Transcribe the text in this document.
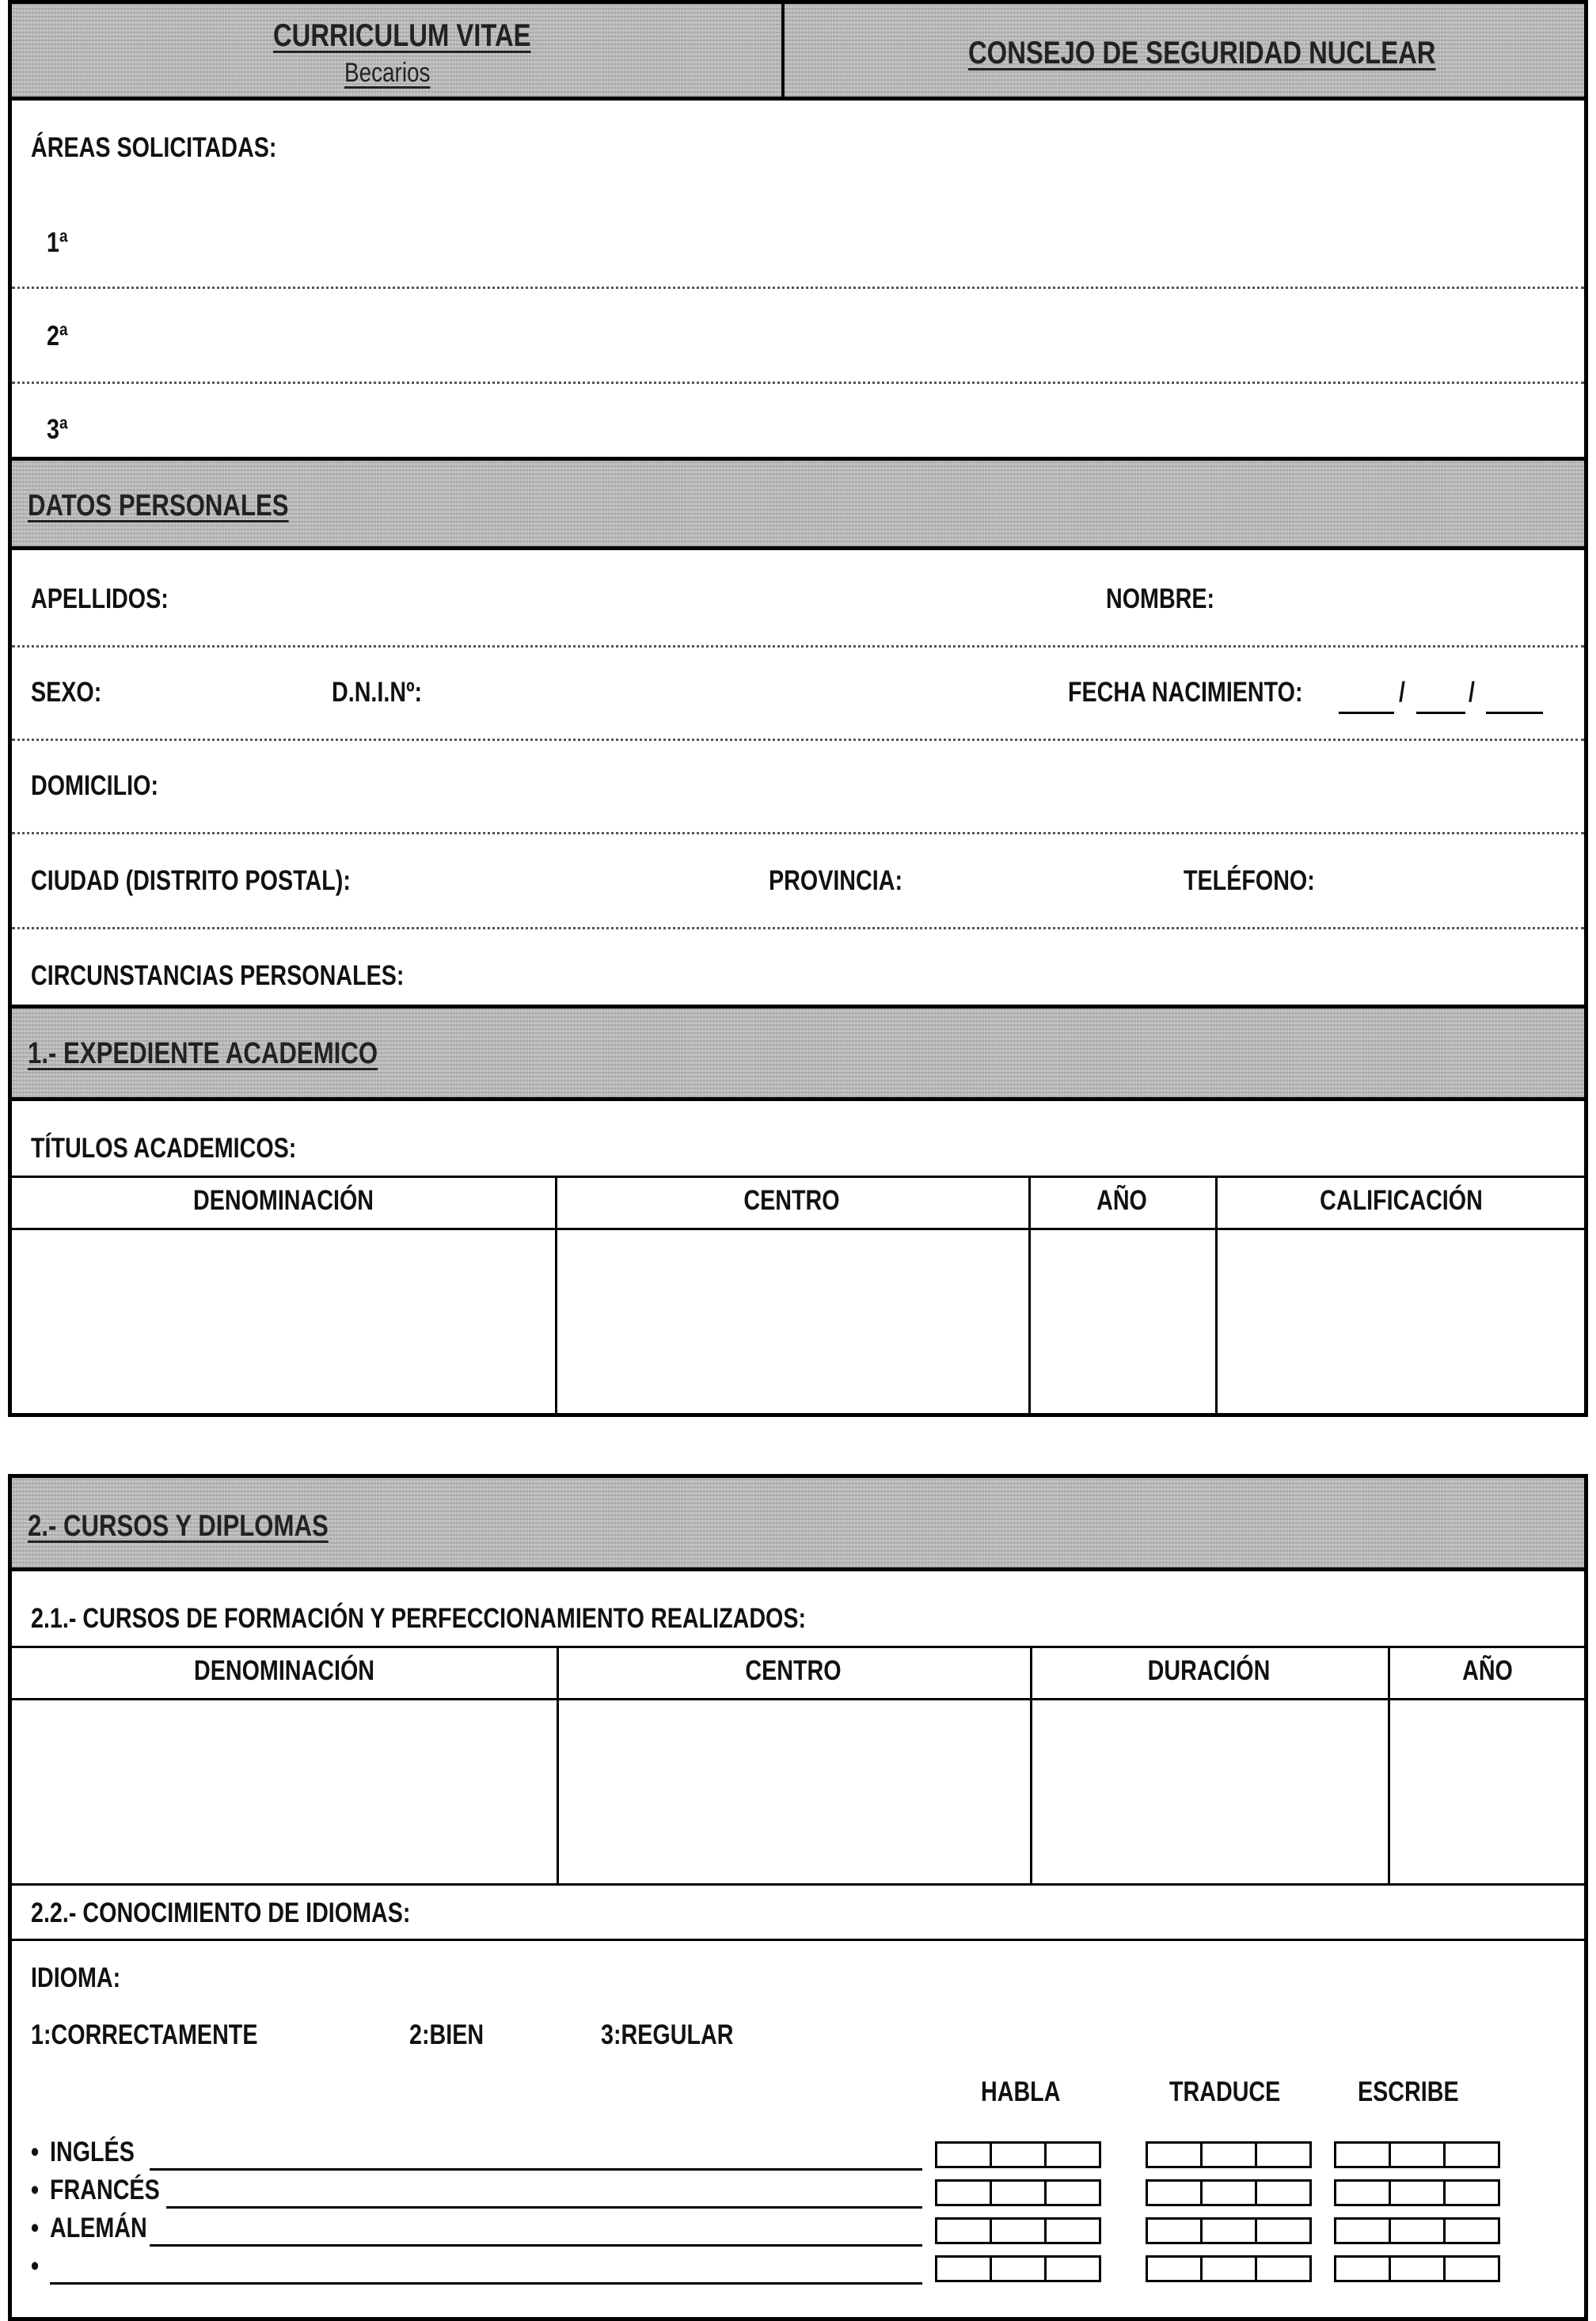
CURRICULUM VITAE
Becarios
CONSEJO DE SEGURIDAD NUCLEAR
ÁREAS SOLICITADAS:
1ª
2ª
3ª
DATOS PERSONALES
APELLIDOS:	NOMBRE:
SEXO:	D.N.I.Nº:	FECHA NACIMIENTO:	/ /
DOMICILIO:
CIUDAD (DISTRITO POSTAL):	PROVINCIA:	TELÉFONO:
CIRCUNSTANCIAS PERSONALES:
1.- EXPEDIENTE ACADEMICO
TÍTULOS ACADEMICOS:
DENOMINACIÓN	CENTRO	AÑO	CALIFICACIÓN
2.- CURSOS Y DIPLOMAS
2.1.- CURSOS DE FORMACIÓN Y PERFECCIONAMIENTO REALIZADOS:
DENOMINACIÓN	CENTRO	DURACIÓN	AÑO
2.2.- CONOCIMIENTO DE IDIOMAS:
IDIOMA:
1:CORRECTAMENTE	2:BIEN	3:REGULAR
HABLA	TRADUCE	ESCRIBE
• INGLÉS
• FRANCÉS
• ALEMÁN
•
